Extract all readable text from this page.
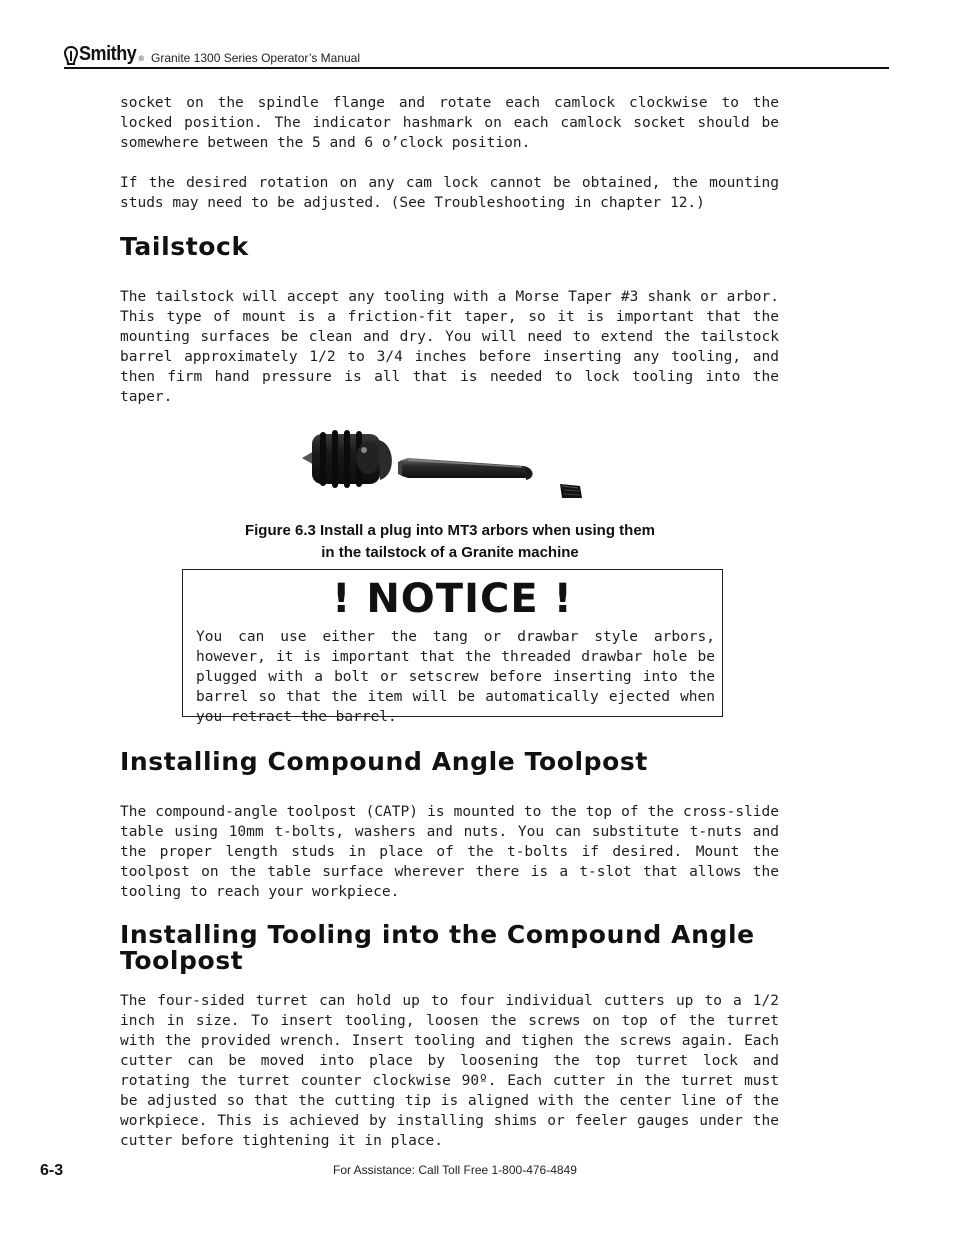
Smithy ® Granite 1300 Series Operator’s Manual

socket on the spindle flange and rotate each camlock clockwise to the locked position. The indicator hashmark on each camlock socket should be somewhere between the 5 and 6 o’clock position.

If the desired rotation on any cam lock cannot be obtained, the mounting studs may need to be adjusted. (See Troubleshooting in chapter 12.)

Tailstock

The tailstock will accept any tooling with a Morse Taper #3 shank or arbor. This type of mount is a friction-fit taper, so it is important that the mounting surfaces be clean and dry. You will need to extend the tailstock barrel approximately 1/2 to 3/4 inches before inserting any tooling, and then firm hand pressure is all that is needed to lock tooling into the taper.

Figure 6.3 Install a plug into MT3 arbors when using them
in the tailstock of a Granite machine
! NOTICE !

You can use either the tang or drawbar style arbors, however, it is important that the threaded drawbar hole be plugged with a bolt or setscrew before inserting into the barrel so that the item will be automatically ejected when you retract the barrel.

Installing Compound Angle Toolpost

The compound-angle toolpost (CATP) is mounted to the top of the cross-slide table using 10mm t-bolts, washers and nuts. You can substitute t-nuts and the proper length studs in place of the t-bolts if desired. Mount the toolpost on the table surface wherever there is a t-slot that allows the tooling to reach your workpiece.

Installing Tooling into the Compound Angle
Toolpost

The four-sided turret can hold up to four individual cutters up to a 1/2 inch in size. To insert tooling, loosen the screws on top of the turret with the provided wrench. Insert tooling and tighen the screws again. Each cutter can be moved into place by loosening the top turret lock and rotating the turret counter clockwise 90º. Each cutter in the turret must be adjusted so that the cutting tip is aligned with the center line of the workpiece. This is achieved by installing shims or feeler gauges under the cutter before tightening it in place.

6-3	For Assistance: Call Toll Free 1-800-476-4849
